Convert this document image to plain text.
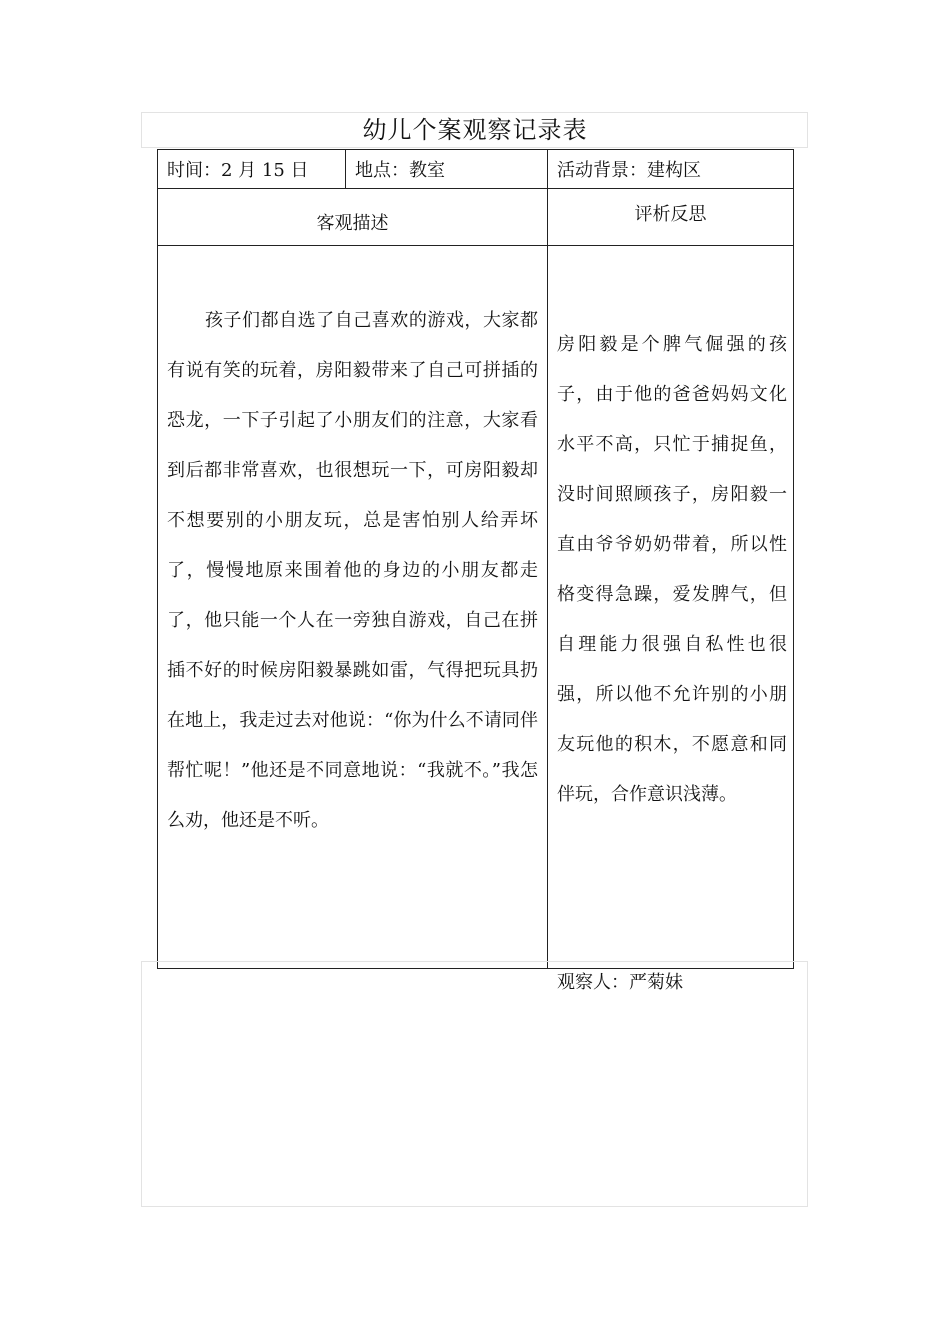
幼儿个案观察记录表
时间：2 月 15 日	地点：教室	活动背景：建构区
客观描述		评析反思

孩子们都自选了自己喜欢的游戏，大家都有说有笑的玩着，房阳毅带来了自己可拼插的恐龙，一下子引起了小朋友们的注意，大家看到后都非常喜欢，也很想玩一下，可房阳毅却不想要别的小朋友玩，总是害怕别人给弄坏了，慢慢地原来围着他的身边的小朋友都走了，他只能一个人在一旁独自游戏，自己在拼插不好的时候房阳毅暴跳如雷，气得把玩具扔在地上，我走过去对他说：“你为什么不请同伴帮忙呢！”他还是不同意地说：“我就不。”我怎么劝，他还是不听。		房阳毅是个脾气倔强的孩子，由于他的爸爸妈妈文化水平不高，只忙于捕捉鱼，没时间照顾孩子，房阳毅一直由爷爷奶奶带着，所以性格变得急躁，爱发脾气，但自理能力很强自私性也很强，所以他不允许别的小朋友玩他的积木，不愿意和同伴玩，合作意识浅薄。
观察人：严菊妹
